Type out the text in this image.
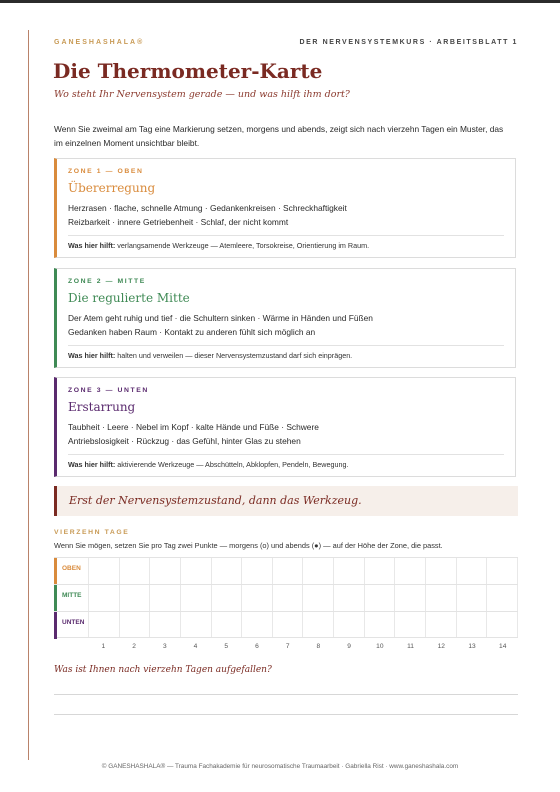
GANESHASHALA®	DER NERVENSYSTEMKURS · ARBEITSBLATT 1
Die Thermometer-Karte
Wo steht Ihr Nervensystem gerade — und was hilft ihm dort?
Wenn Sie zweimal am Tag eine Markierung setzen, morgens und abends, zeigt sich nach vierzehn Tagen ein Muster, das im einzelnen Moment unsichtbar bleibt.
ZONE 1 — OBEN
Übererregung
Herzrasen · flache, schnelle Atmung · Gedankenkreisen · Schreckhaftigkeit
Reizbarkeit · innere Getriebenheit · Schlaf, der nicht kommt
Was hier hilft: verlangsamende Werkzeuge — Atemleere, Torsokreise, Orientierung im Raum.
ZONE 2 — MITTE
Die regulierte Mitte
Der Atem geht ruhig und tief · die Schultern sinken · Wärme in Händen und Füßen
Gedanken haben Raum · Kontakt zu anderen fühlt sich möglich an
Was hier hilft: halten und verweilen — dieser Nervensystemzustand darf sich einprägen.
ZONE 3 — UNTEN
Erstarrung
Taubheit · Leere · Nebel im Kopf · kalte Hände und Füße · Schwere
Antriebslosigkeit · Rückzug · das Gefühl, hinter Glas zu stehen
Was hier hilft: aktivierende Werkzeuge — Abschütteln, Abklopfen, Pendeln, Bewegung.
Erst der Nervensystemzustand, dann das Werkzeug.
VIERZEHN TAGE
Wenn Sie mögen, setzen Sie pro Tag zwei Punkte — morgens (o) und abends (●) — auf der Höhe der Zone, die passt.
OBEN
MITTE
UNTEN
1	2	3	4	5	6	7	8	9	10	11	12	13	14
Was ist Ihnen nach vierzehn Tagen aufgefallen?
© GANESHASHALA® — Trauma Fachakademie für neurosomatische Traumaarbeit · Gabriella Rist · www.ganeshashala.com
